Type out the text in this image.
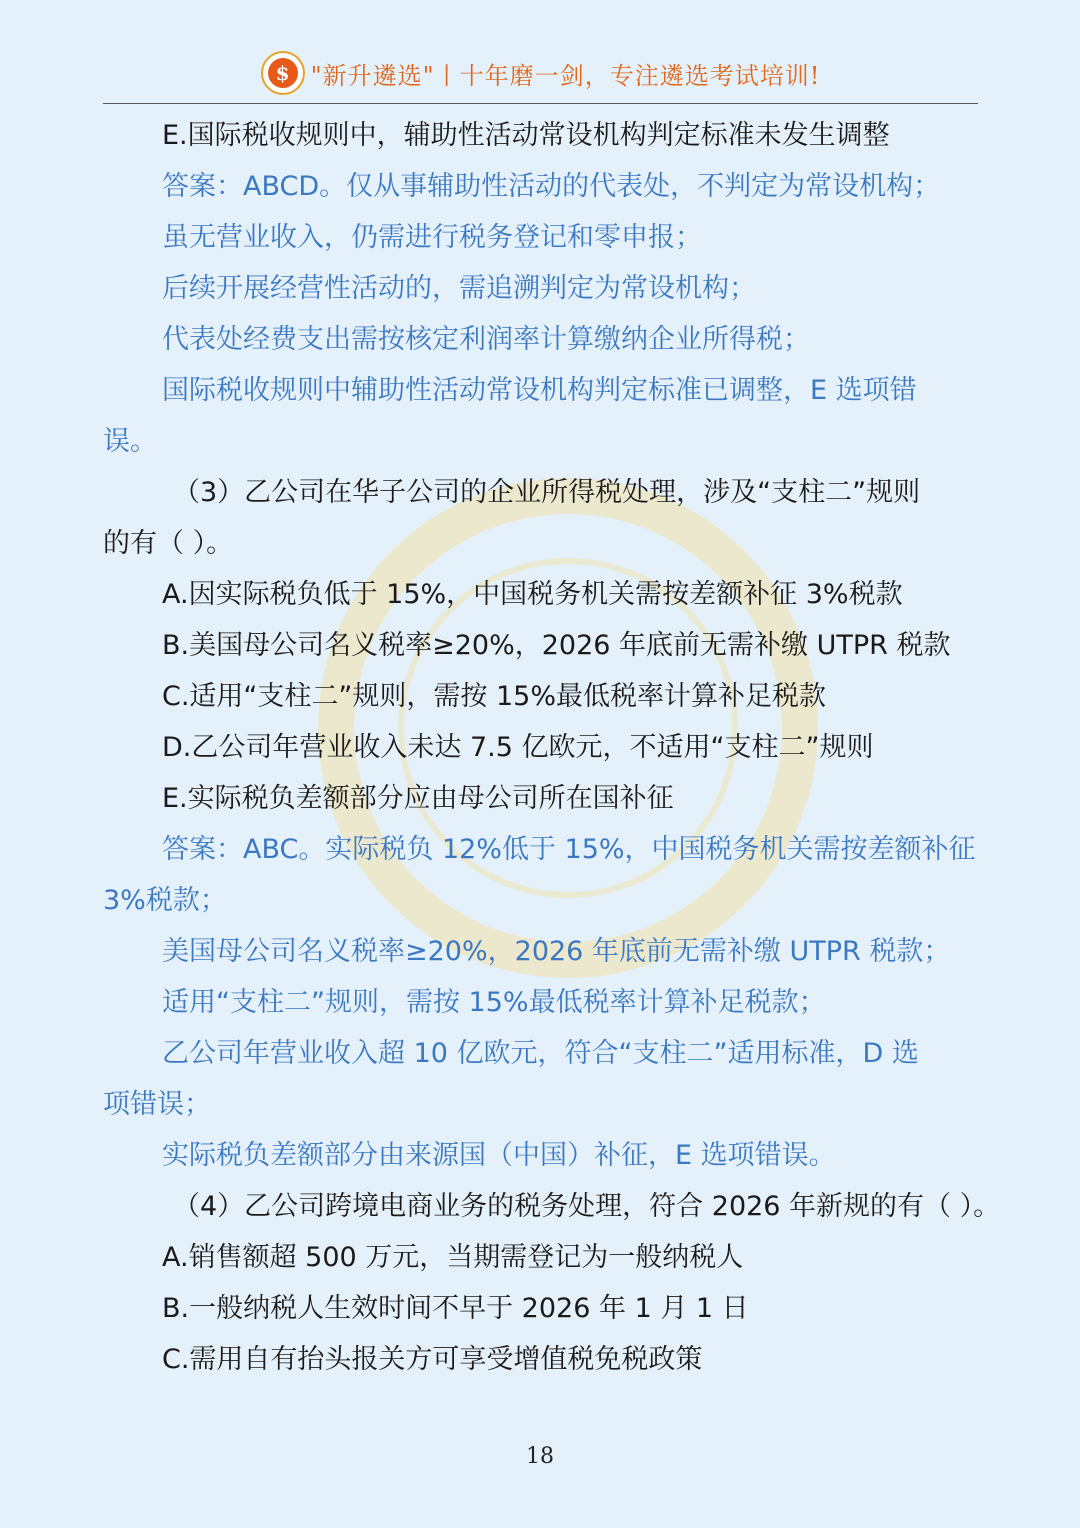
$ "新升遴选"丨十年磨一剑，专注遴选考试培训!
E.国际税收规则中，辅助性活动常设机构判定标准未发生调整
答案：ABCD。仅从事辅助性活动的代表处，不判定为常设机构；
虽无营业收入，仍需进行税务登记和零申报；
后续开展经营性活动的，需追溯判定为常设机构；
代表处经费支出需按核定利润率计算缴纳企业所得税；
国际税收规则中辅助性活动常设机构判定标准已调整，E 选项错
误。
（3）乙公司在华子公司的企业所得税处理，涉及“支柱二”规则
的有（ ）。
A.因实际税负低于 15%，中国税务机关需按差额补征 3%税款
B.美国母公司名义税率≥20%，2026 年底前无需补缴 UTPR 税款
C.适用“支柱二”规则，需按 15%最低税率计算补足税款
D.乙公司年营业收入未达 7.5 亿欧元，不适用“支柱二”规则
E.实际税负差额部分应由母公司所在国补征
答案：ABC。实际税负 12%低于 15%，中国税务机关需按差额补征
3%税款；
美国母公司名义税率≥20%，2026 年底前无需补缴 UTPR 税款；
适用“支柱二”规则，需按 15%最低税率计算补足税款；
乙公司年营业收入超 10 亿欧元，符合“支柱二”适用标准，D 选
项错误；
实际税负差额部分由来源国（中国）补征，E 选项错误。
（4）乙公司跨境电商业务的税务处理，符合 2026 年新规的有（ ）。
A.销售额超 500 万元，当期需登记为一般纳税人
B.一般纳税人生效时间不早于 2026 年 1 月 1 日
C.需用自有抬头报关方可享受增值税免税政策
18
